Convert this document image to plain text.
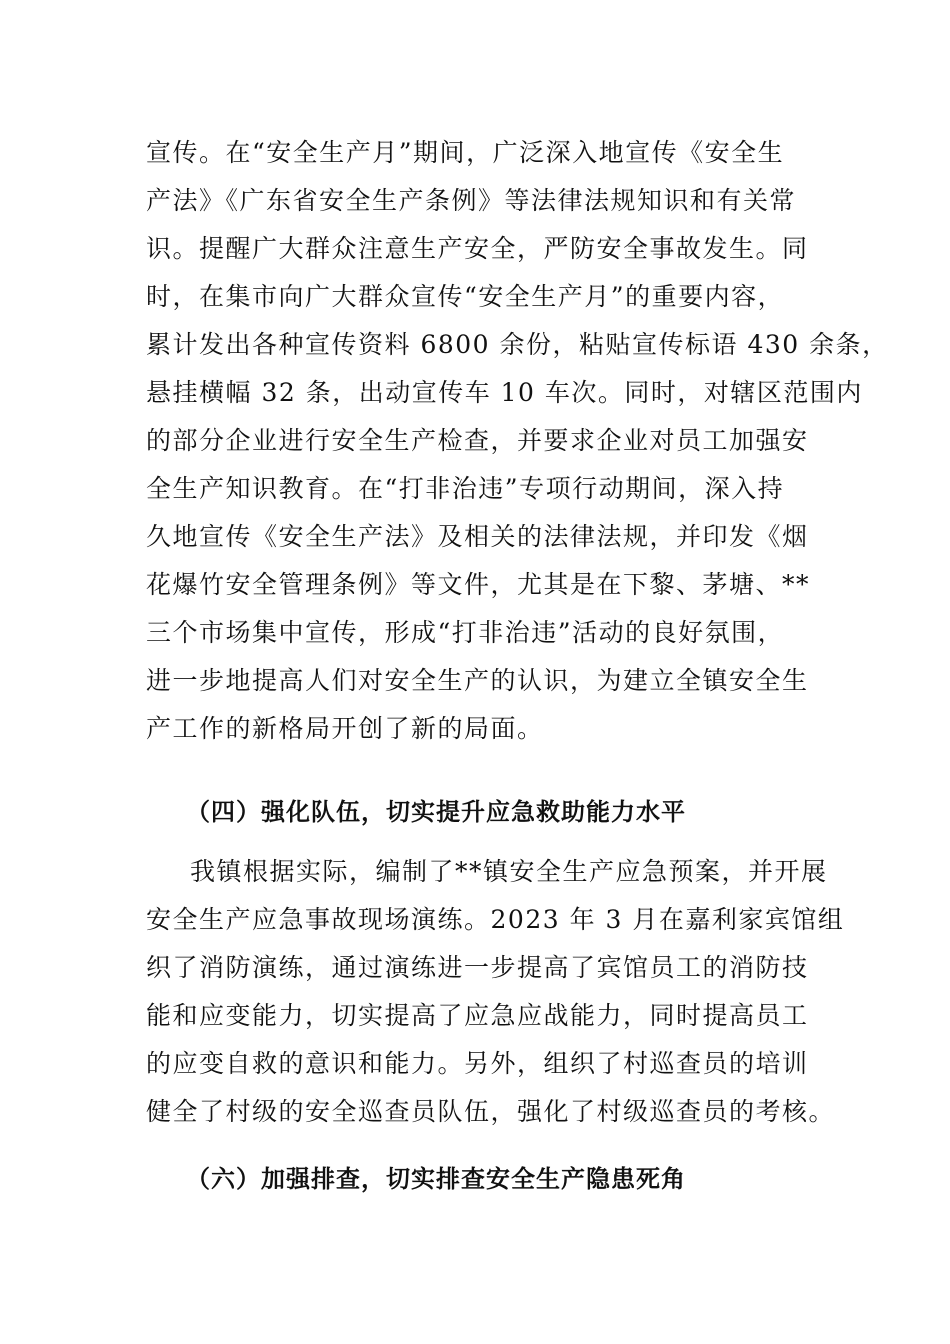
宣传。在“安全生产月”期间，广泛深入地宣传《安全生
产法》《广东省安全生产条例》等法律法规知识和有关常
识。提醒广大群众注意生产安全，严防安全事故发生。同
时，在集市向广大群众宣传“安全生产月”的重要内容，
累计发出各种宣传资料 6800 余份，粘贴宣传标语 430 余条，
悬挂横幅 32 条，出动宣传车 10 车次。同时，对辖区范围内
的部分企业进行安全生产检查，并要求企业对员工加强安
全生产知识教育。在“打非治违”专项行动期间，深入持
久地宣传《安全生产法》及相关的法律法规，并印发《烟
花爆竹安全管理条例》等文件，尤其是在下黎、茅塘、**
三个市场集中宣传，形成“打非治违”活动的良好氛围，
进一步地提高人们对安全生产的认识，为建立全镇安全生
产工作的新格局开创了新的局面。
（四）强化队伍，切实提升应急救助能力水平
我镇根据实际，编制了**镇安全生产应急预案，并开展
安全生产应急事故现场演练。2023 年 3 月在嘉利家宾馆组
织了消防演练，通过演练进一步提高了宾馆员工的消防技
能和应变能力，切实提高了应急应战能力，同时提高员工
的应变自救的意识和能力。另外，组织了村巡查员的培训
健全了村级的安全巡查员队伍，强化了村级巡查员的考核。
（六）加强排查，切实排查安全生产隐患死角
